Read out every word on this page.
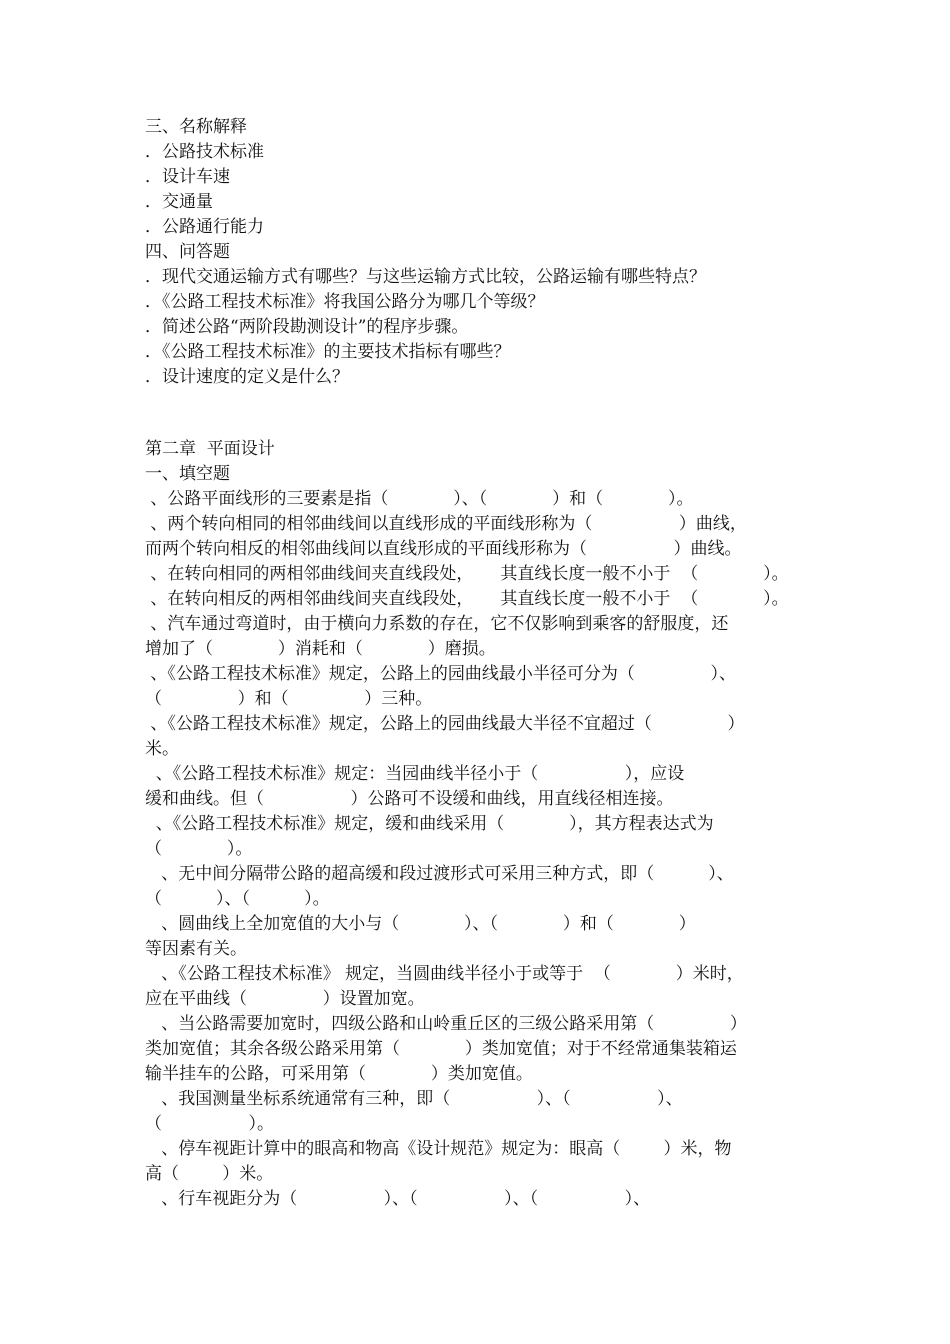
三、名称解释

．公路技术标准

．设计车速

．交通量

．公路通行能力

四、问答题

．现代交通运输方式有哪些？与这些运输方式比较，公路运输有哪些特点？

．《公路工程技术标准》将我国公路分为哪几个等级？

．简述公路“两阶段勘测设计”的程序步骤。

．《公路工程技术标准》的主要技术指标有哪些？

．设计速度的定义是什么？

第二章  平面设计

一、填空题

、公路平面线形的三要素是指（            ）、（            ）和（            ）。

、两个转向相同的相邻曲线间以直线形成的平面线形称为（                ）曲线，

而两个转向相反的相邻曲线间以直线形成的平面线形称为（                ）曲线。

、在转向相同的两相邻曲线间夹直线段处，     其直线长度一般不小于  （            ）。

、在转向相反的两相邻曲线间夹直线段处，     其直线长度一般不小于  （            ）。

、汽车通过弯道时，由于横向力系数的存在，它不仅影响到乘客的舒服度，还

增加了（            ）消耗和（            ）磨损。

、《公路工程技术标准》规定，公路上的园曲线最小半径可分为（              ）、

（              ）和（              ）三种。

、《公路工程技术标准》规定，公路上的园曲线最大半径不宜超过（              ）

米。

、《公路工程技术标准》规定：当园曲线半径小于（                ），应设

缓和曲线。但（                ）公路可不设缓和曲线，用直线径相连接。

、《公路工程技术标准》规定，缓和曲线采用（            ），其方程表达式为

（            ）。

、无中间分隔带公路的超高缓和段过渡形式可采用三种方式，即（          ）、

（          ）、（          ）。

、圆曲线上全加宽值的大小与（            ）、（            ）和（            ）

等因素有关。

、《公路工程技术标准》 规定，当圆曲线半径小于或等于  （            ）米时，

应在平曲线（              ）设置加宽。

、当公路需要加宽时，四级公路和山岭重丘区的三级公路采用第（              ）

类加宽值；其余各级公路采用第（            ）类加宽值；对于不经常通集装箱运

输半挂车的公路，可采用第（            ）类加宽值。

、我国测量坐标系统通常有三种，即（                ）、（                ）、

（                ）。

、停车视距计算中的眼高和物高《设计规范》规定为：眼高（        ）米，物

高（        ）米。

、行车视距分为（                ）、（                ）、（                ）、
